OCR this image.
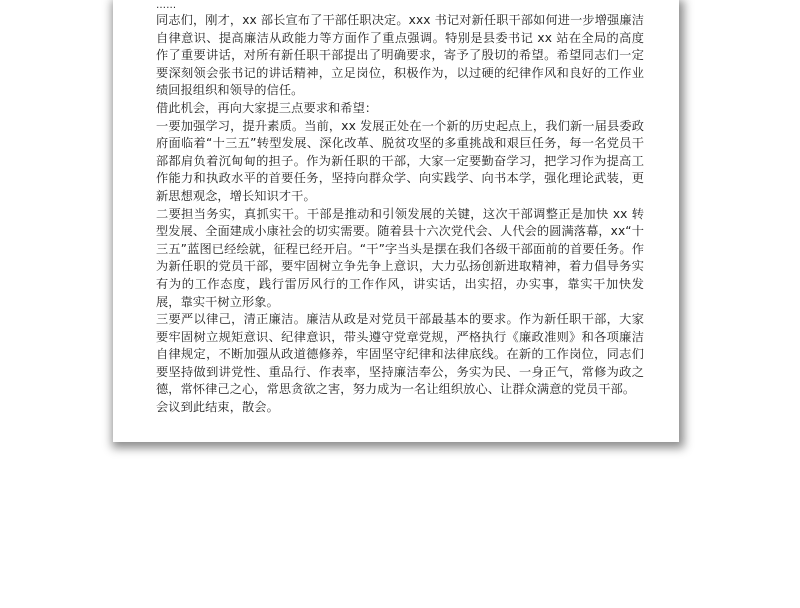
……

同志们，刚才，xx 部长宣布了干部任职决定。xxx 书记对新任职干部如何进一步增强廉洁自律意识、提高廉洁从政能力等方面作了重点强调。特别是县委书记 xx 站在全局的高度作了重要讲话，对所有新任职干部提出了明确要求，寄予了殷切的希望。希望同志们一定要深刻领会张书记的讲话精神，立足岗位，积极作为，以过硬的纪律作风和良好的工作业绩回报组织和领导的信任。

借此机会，再向大家提三点要求和希望：

一要加强学习，提升素质。当前，xx 发展正处在一个新的历史起点上，我们新一届县委政府面临着“十三五”转型发展、深化改革、脱贫攻坚的多重挑战和艰巨任务，每一名党员干部都肩负着沉甸甸的担子。作为新任职的干部，大家一定要勤奋学习，把学习作为提高工作能力和执政水平的首要任务，坚持向群众学、向实践学、向书本学，强化理论武装，更新思想观念，增长知识才干。

二要担当务实，真抓实干。干部是推动和引领发展的关键，这次干部调整正是加快 xx 转型发展、全面建成小康社会的切实需要。随着县十六次党代会、人代会的圆满落幕，xx“十三五”蓝图已经绘就，征程已经开启。“干”字当头是摆在我们各级干部面前的首要任务。作为新任职的党员干部，要牢固树立争先争上意识，大力弘扬创新进取精神，着力倡导务实有为的工作态度，践行雷厉风行的工作作风，讲实话，出实招，办实事，靠实干加快发展，靠实干树立形象。

三要严以律己，清正廉洁。廉洁从政是对党员干部最基本的要求。作为新任职干部，大家要牢固树立规矩意识、纪律意识，带头遵守党章党规，严格执行《廉政准则》和各项廉洁自律规定，不断加强从政道德修养，牢固坚守纪律和法律底线。在新的工作岗位，同志们要坚持做到讲党性、重品行、作表率，坚持廉洁奉公，务实为民、一身正气，常修为政之德，常怀律己之心，常思贪欲之害，努力成为一名让组织放心、让群众满意的党员干部。

会议到此结束，散会。
